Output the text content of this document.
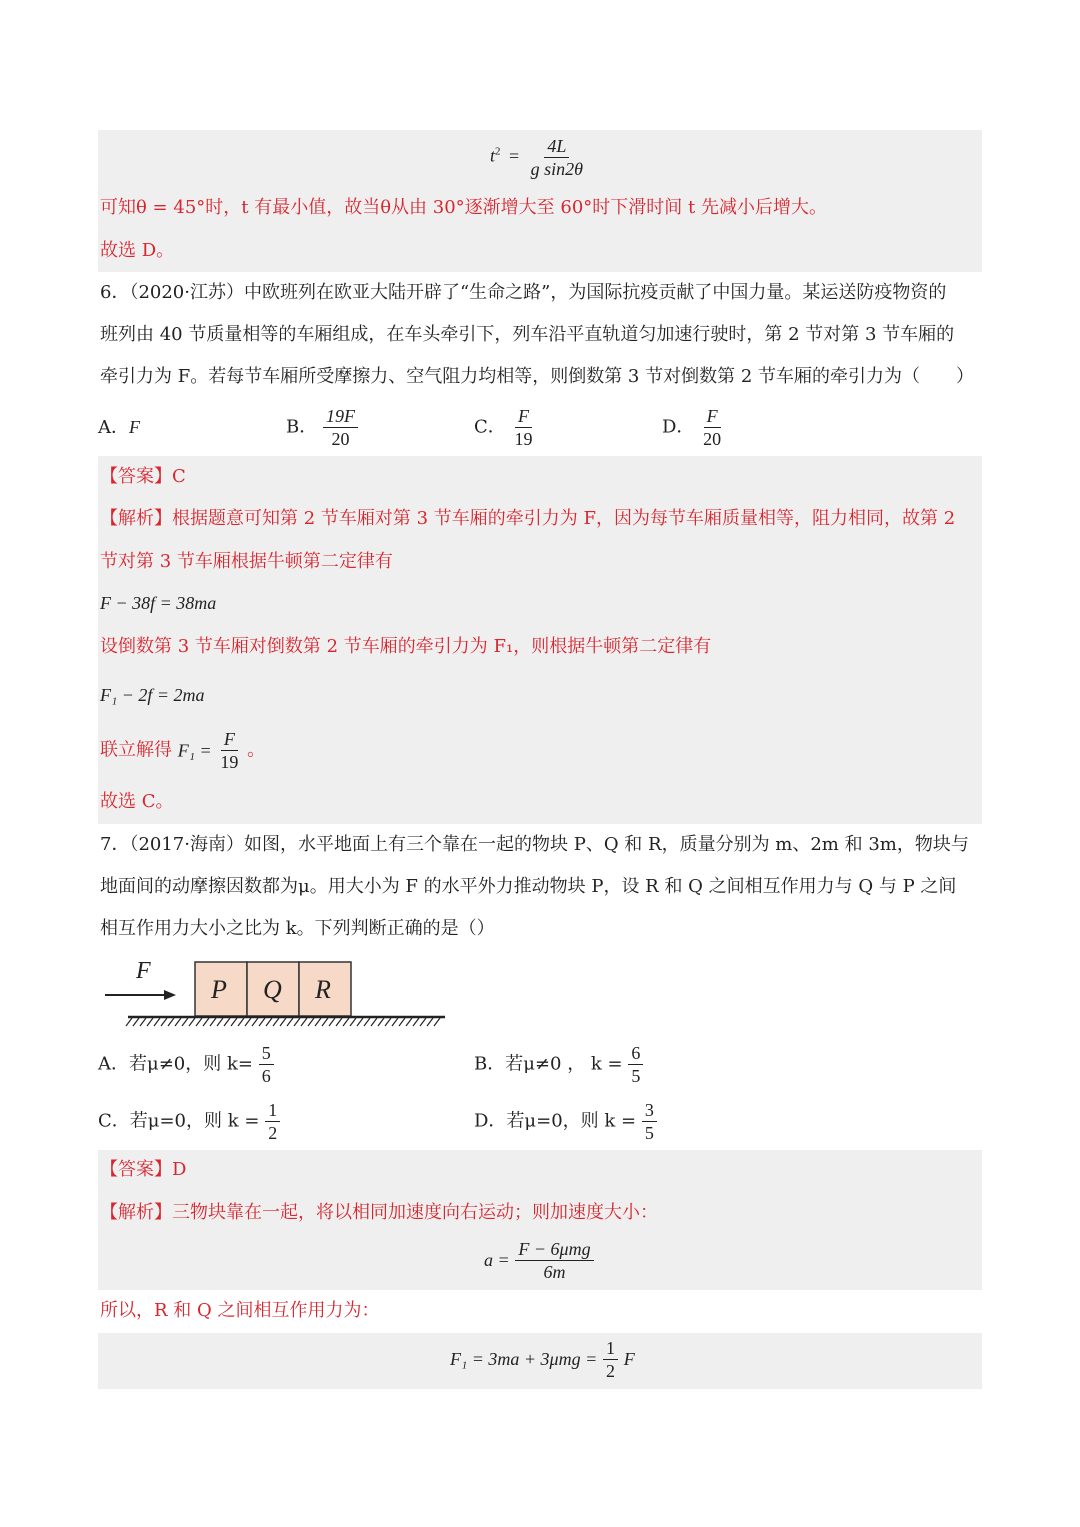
$t^2 = \frac{4L}{\text{g sin2θ}}$
可知θ = 45°时，t 有最小值，故当θ从由 30°逐渐增大至 60°时下滑时间 t 先减小后增大。
故选 D。
6．（2020·江苏）中欧班列在欧亚大陆开辟了“生命之路”，为国际抗疫贡献了中国力量。某运送防疫物资的
班列由 40 节质量相等的车厢组成，在车头牵引下，列车沿平直轨道匀加速行驶时，第 2 节对第 3 节车厢的
牵引力为 F。若每节车厢所受摩擦力、空气阻力均相等，则倒数第 3 节对倒数第 2 节车厢的牵引力为（　　）
A．F	B． $\frac{19F}{20}$	C． $\frac{F}{19}$	D． $\frac{F}{20}$
【答案】C
【解析】根据题意可知第 2 节车厢对第 3 节车厢的牵引力为 F，因为每节车厢质量相等，阻力相同，故第 2
节对第 3 节车厢根据牛顿第二定律有
F − 38f = 38ma
设倒数第 3 节车厢对倒数第 2 节车厢的牵引力为 F₁，则根据牛顿第二定律有
F₁ − 2f = 2ma
联立解得 $F_1 = \frac{F}{19}$ 。
故选 C。
7．（2017·海南）如图，水平地面上有三个靠在一起的物块 P、Q 和 R，质量分别为 m、2m 和 3m，物块与
地面间的动摩擦因数都为μ。用大小为 F 的水平外力推动物块 P，设 R 和 Q 之间相互作用力与 Q 与 P 之间
相互作用力大小之比为 k。下列判断正确的是（）
F
P Q R
A．若μ≠0，则 $k= \frac{5}{6}$	B．若μ≠0 ， $k = \frac{6}{5}$
C．若μ=0，则 $k = \frac{1}{2}$	D．若μ=0，则 $k = \frac{3}{5}$
【答案】D
【解析】三物块靠在一起，将以相同加速度向右运动；则加速度大小：
$a = \frac{\text{F − 6μmg}}{6m}$
所以，R 和 Q 之间相互作用力为：
$F_1 = 3ma + 3\mu mg = \frac{1}{2}$ F
